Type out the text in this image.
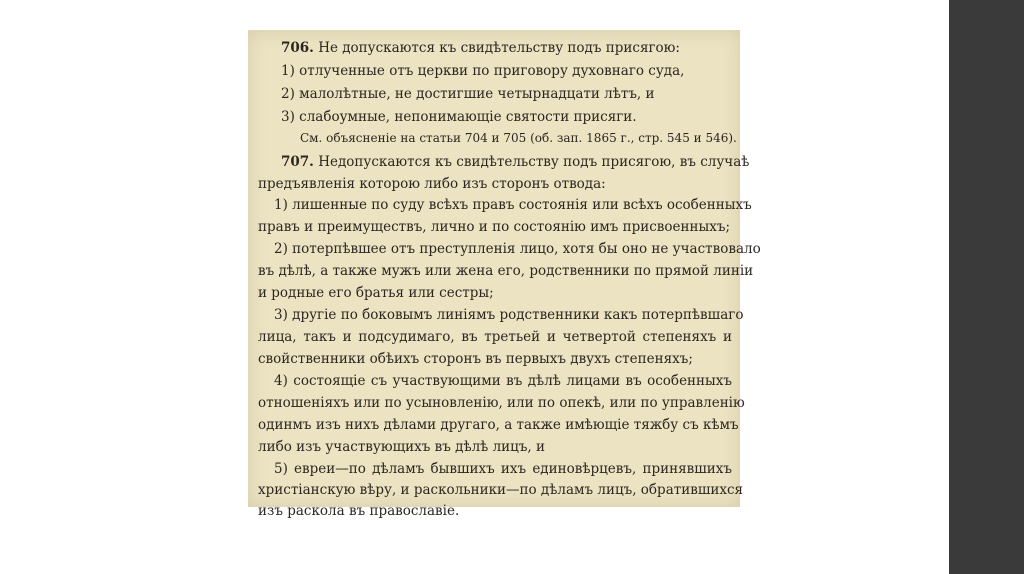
706. Не допускаются къ свидѣтельству подъ присягою:
1) отлученные отъ церкви по приговору духовнаго суда,
2) малолѣтные, не достигшие четырнадцати лѣтъ, и
3) слабоумные, непонимающіе святости присяги.
См. объясненіе на статьи 704 и 705 (об. зап. 1865 г., стр. 545 и 546).
707. Недопускаются къ свидѣтельству подъ присягою, въ случаѣ
предъявленія которою либо изъ сторонъ отвода:
1) лишенные по суду всѣхъ правъ состоянія или всѣхъ особенныхъ
правъ и преимуществъ, лично и по состоянію имъ присвоенныхъ;
2) потерпѣвшее отъ преступленія лицо, хотя бы оно не участвовало
въ дѣлѣ, а также мужъ или жена его, родственники по прямой линіи
и родные его братья или сестры;
3) другіе по боковымъ линіямъ родственники какъ потерпѣвшаго
лица, такъ и подсудимаго, въ третьей и четвертой степеняхъ и
свойственники обѣихъ сторонъ въ первыхъ двухъ степеняхъ;
4) состоящіе съ участвующими въ дѣлѣ лицами въ особенныхъ
отношеніяхъ или по усыновленію, или по опекѣ, или по управленію
одинмъ изъ нихъ дѣлами другаго, а также имѣющіе тяжбу съ кѣмъ
либо изъ участвующихъ въ дѣлѣ лицъ, и
5) евреи—по дѣламъ бывшихъ ихъ единовѣрцевъ, принявшихъ
христіанскую вѣру, и раскольники—по дѣламъ лицъ, обратившихся
изъ раскола въ православіе.
